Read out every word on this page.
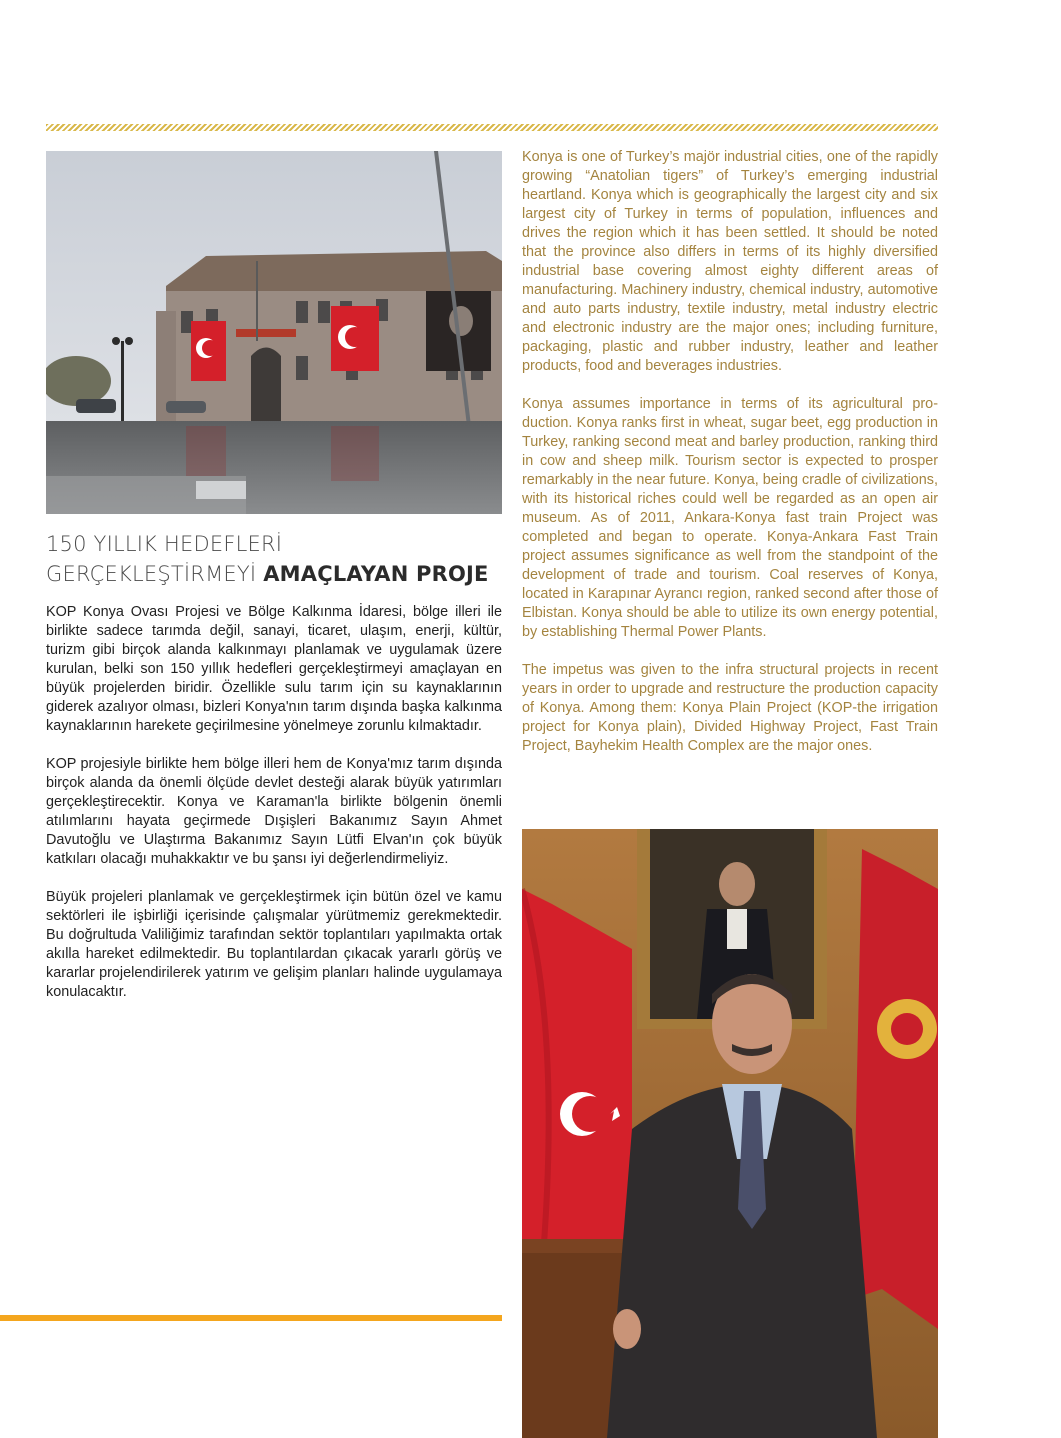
150 YILLIK HEDEFLERİ
GERÇEKLEŞTİRMEYİ AMAÇLAYAN PROJE

KOP Konya Ovası Projesi ve Bölge Kalkınma İdaresi, bölge illeri ile birlikte sadece tarımda değil, sanayi, ticaret, ulaşım, enerji, kültür, turizm gibi birçok alanda kalkınmayı planlamak ve uygulamak üzere kurulan, belki son 150 yıllık hedefleri gerçekleştirmeyi amaçlayan en büyük projelerden biridir. Özellikle sulu tarım için su kaynaklarının giderek azalıyor olması, bizleri Konya'nın tarım dışında başka kalkınma kaynaklarının harekete geçirilmesine yönelmeye zorunlu kılmaktadır.

KOP projesiyle birlikte hem bölge illeri hem de Konya'mız tarım dışında birçok alanda da önemli ölçüde devlet desteği alarak büyük yatırımları gerçekleştirecektir. Konya ve Karaman'la birlikte bölgenin önemli atılımlarını hayata geçirmede Dışişleri Bakanımız Sayın Ahmet Davutoğlu ve Ulaştırma Bakanımız Sayın Lütfi Elvan'ın çok büyük katkıları olacağı muhakkaktır ve bu şansı iyi değerlendirmeliyiz.

Büyük projeleri planlamak ve gerçekleştirmek için bütün özel ve kamu sektörleri ile işbirliği içerisinde çalışmalar yürütmemiz gerekmektedir. Bu doğrultuda Valiliğimiz tarafından sektör toplantıları yapılmakta ortak akılla hareket edilmektedir. Bu toplantılardan çıkacak yararlı görüş ve kararlar projelendirilerek yatırım ve gelişim planları halinde uygulamaya konulacaktır.

Konya is one of Turkey’s majör industrial cities, one of the rapidly growing “Anatolian tigers” of Turkey’s emerging industrial heartland. Konya which is geographically the largest city and six largest city of Turkey in terms of population, influences and drives the region which it has been settled. It should be noted that the province also differs in terms of its highly diversified industrial base covering almost eighty different areas of manufacturing. Machinery industry, chemical industry, automotive and auto parts industry, textile industry, metal industry electric and electronic industry are the major ones; including furniture, packaging, plastic and rubber industry, leather and leather products, food and beverages industries.

Konya assumes importance in terms of its agricultural production. Konya ranks first in wheat, sugar beet, egg production in Turkey, ranking second meat and barley production, ranking third in cow and sheep milk. Tourism sector is expected to prosper remarkably in the near future. Konya, being cradle of civilizations, with its historical riches could well be regarded as an open air museum. As of 2011, Ankara-Konya fast train Project was completed and began to operate. Konya-Ankara Fast Train project assumes significance as well from the standpoint of the development of trade and tourism. Coal reserves of Konya, located in Karapınar Ayrancı region, ranked second after those of Elbistan. Konya should be able to utilize its own energy potential, by establishing Thermal Power Plants.

The impetus was given to the infra structural projects in recent years in order to upgrade and restructure the production capacity of Konya. Among them: Konya Plain Project (KOP-the irrigation project for Konya plain), Divided Highway Project, Fast Train Project, Bayhekim Health Complex are the major ones.
